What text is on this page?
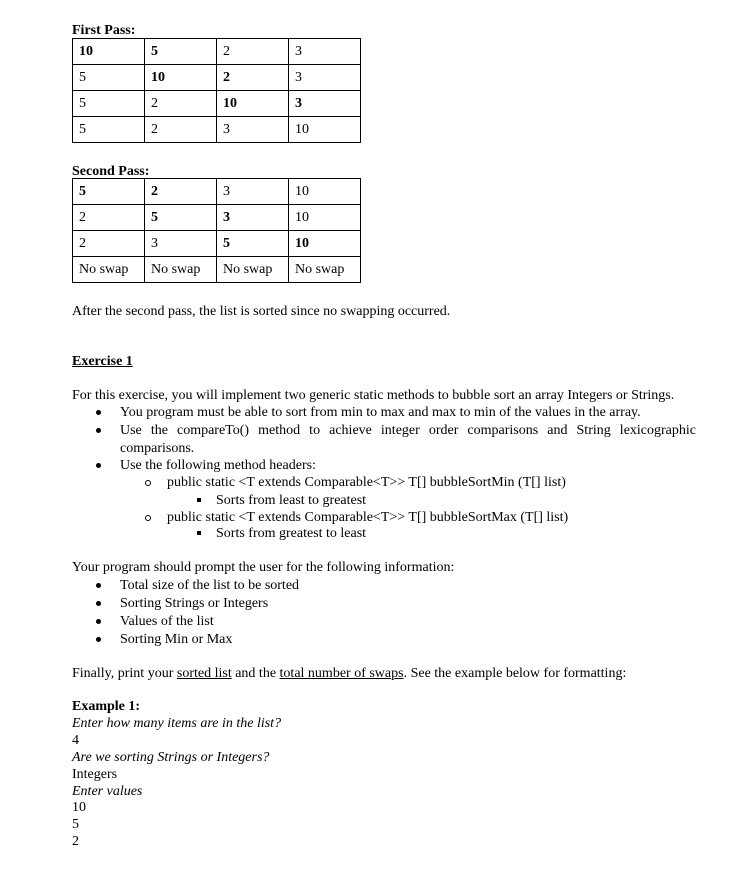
First Pass:
10	5	2	3
5	10	2	3
5	2	10	3
5	2	3	10
Second Pass:
5	2	3	10
2	5	3	10
2	3	5	10
No swap	No swap	No swap	No swap
After the second pass, the list is sorted since no swapping occurred.
Exercise 1
For this exercise, you will implement two generic static methods to bubble sort an array Integers or Strings.
You program must be able to sort from min to max and max to min of the values in the array.
Use the compareTo() method to achieve integer order comparisons and String lexicographic
comparisons.
Use the following method headers:
public static <T extends Comparable<T>> T[] bubbleSortMin (T[] list)
Sorts from least to greatest
public static <T extends Comparable<T>> T[] bubbleSortMax (T[] list)
Sorts from greatest to least
Your program should prompt the user for the following information:
Total size of the list to be sorted
Sorting Strings or Integers
Values of the list
Sorting Min or Max
Finally, print your sorted list and the total number of swaps. See the example below for formatting:
Example 1:
Enter how many items are in the list?
4
Are we sorting Strings or Integers?
Integers
Enter values
10
5
2
